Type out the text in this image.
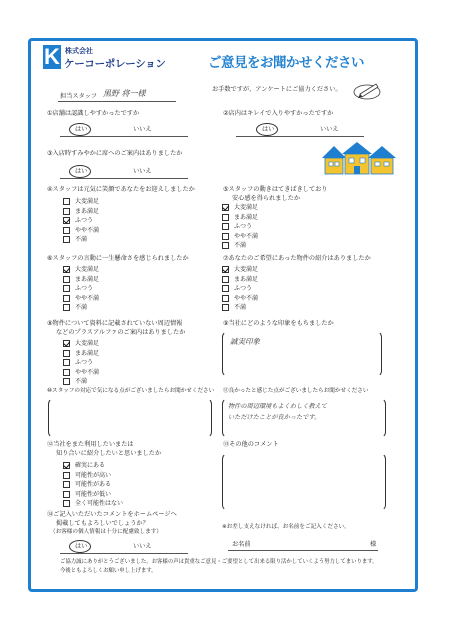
K 株式会社
ケーコーポレーション	ご意見をお聞かせください
お手数ですが、アンケートにご協力ください。
担当スタッフ 黒野 将一様
①店舗は認識しやすかったですか
はい	いいえ
②店内はキレイで入りやすかったですか
はい	いいえ
③入店時すみやかに席へのご案内はありましたか
はい	いいえ
④スタッフは元気に笑顔であなたをお迎えしましたか
大変満足
まあ満足
ふつう
やや不満
不満
⑤スタッフの動きはてきぱきしており
安心感を得られましたか
大変満足
まあ満足
ふつう
やや不満
不満
⑥スタッフの言動に一生懸命さを感じられましたか
大変満足
まあ満足
ふつう
やや不満
不満
⑦あなたのご希望にあった物件の紹介はありましたか
大変満足
まあ満足
ふつう
やや不満
不満
⑧物件について資料に記載されていない周辺情報
などのプラスアルファのご案内はありましたか
大変満足
まあ満足
ふつう
やや不満
不満
⑨当社にどのような印象をもちましたか
誠実印象
⑩スタッフの対応で気になる点がございましたらお聞かせください ⑪良かったと感じた点がございましたらお聞かせください
物件の周辺環境もよくわしく教えて
いただけたことが良かったです。
⑫当社をまた利用したいまたは
知り合いに紹介したいと思いましたか
確実にある
可能性が高い
可能性がある
可能性が低い
全く可能性はない
⑬その他のコメント
⑭ご記入いただいたコメントをホームページへ
掲載してもよろしいでしょうか？
（お客様の個人情報は十分に配慮致します）
はい	いいえ
※お差し支えなければ、お名前をご記入ください。
お名前	様
ご協力誠にありがとうございました。お客様の声は貴重なご意見・ご要望として出来る限り活かしていくよう努力してまいります。
今後ともよろしくお願い申し上げます。
